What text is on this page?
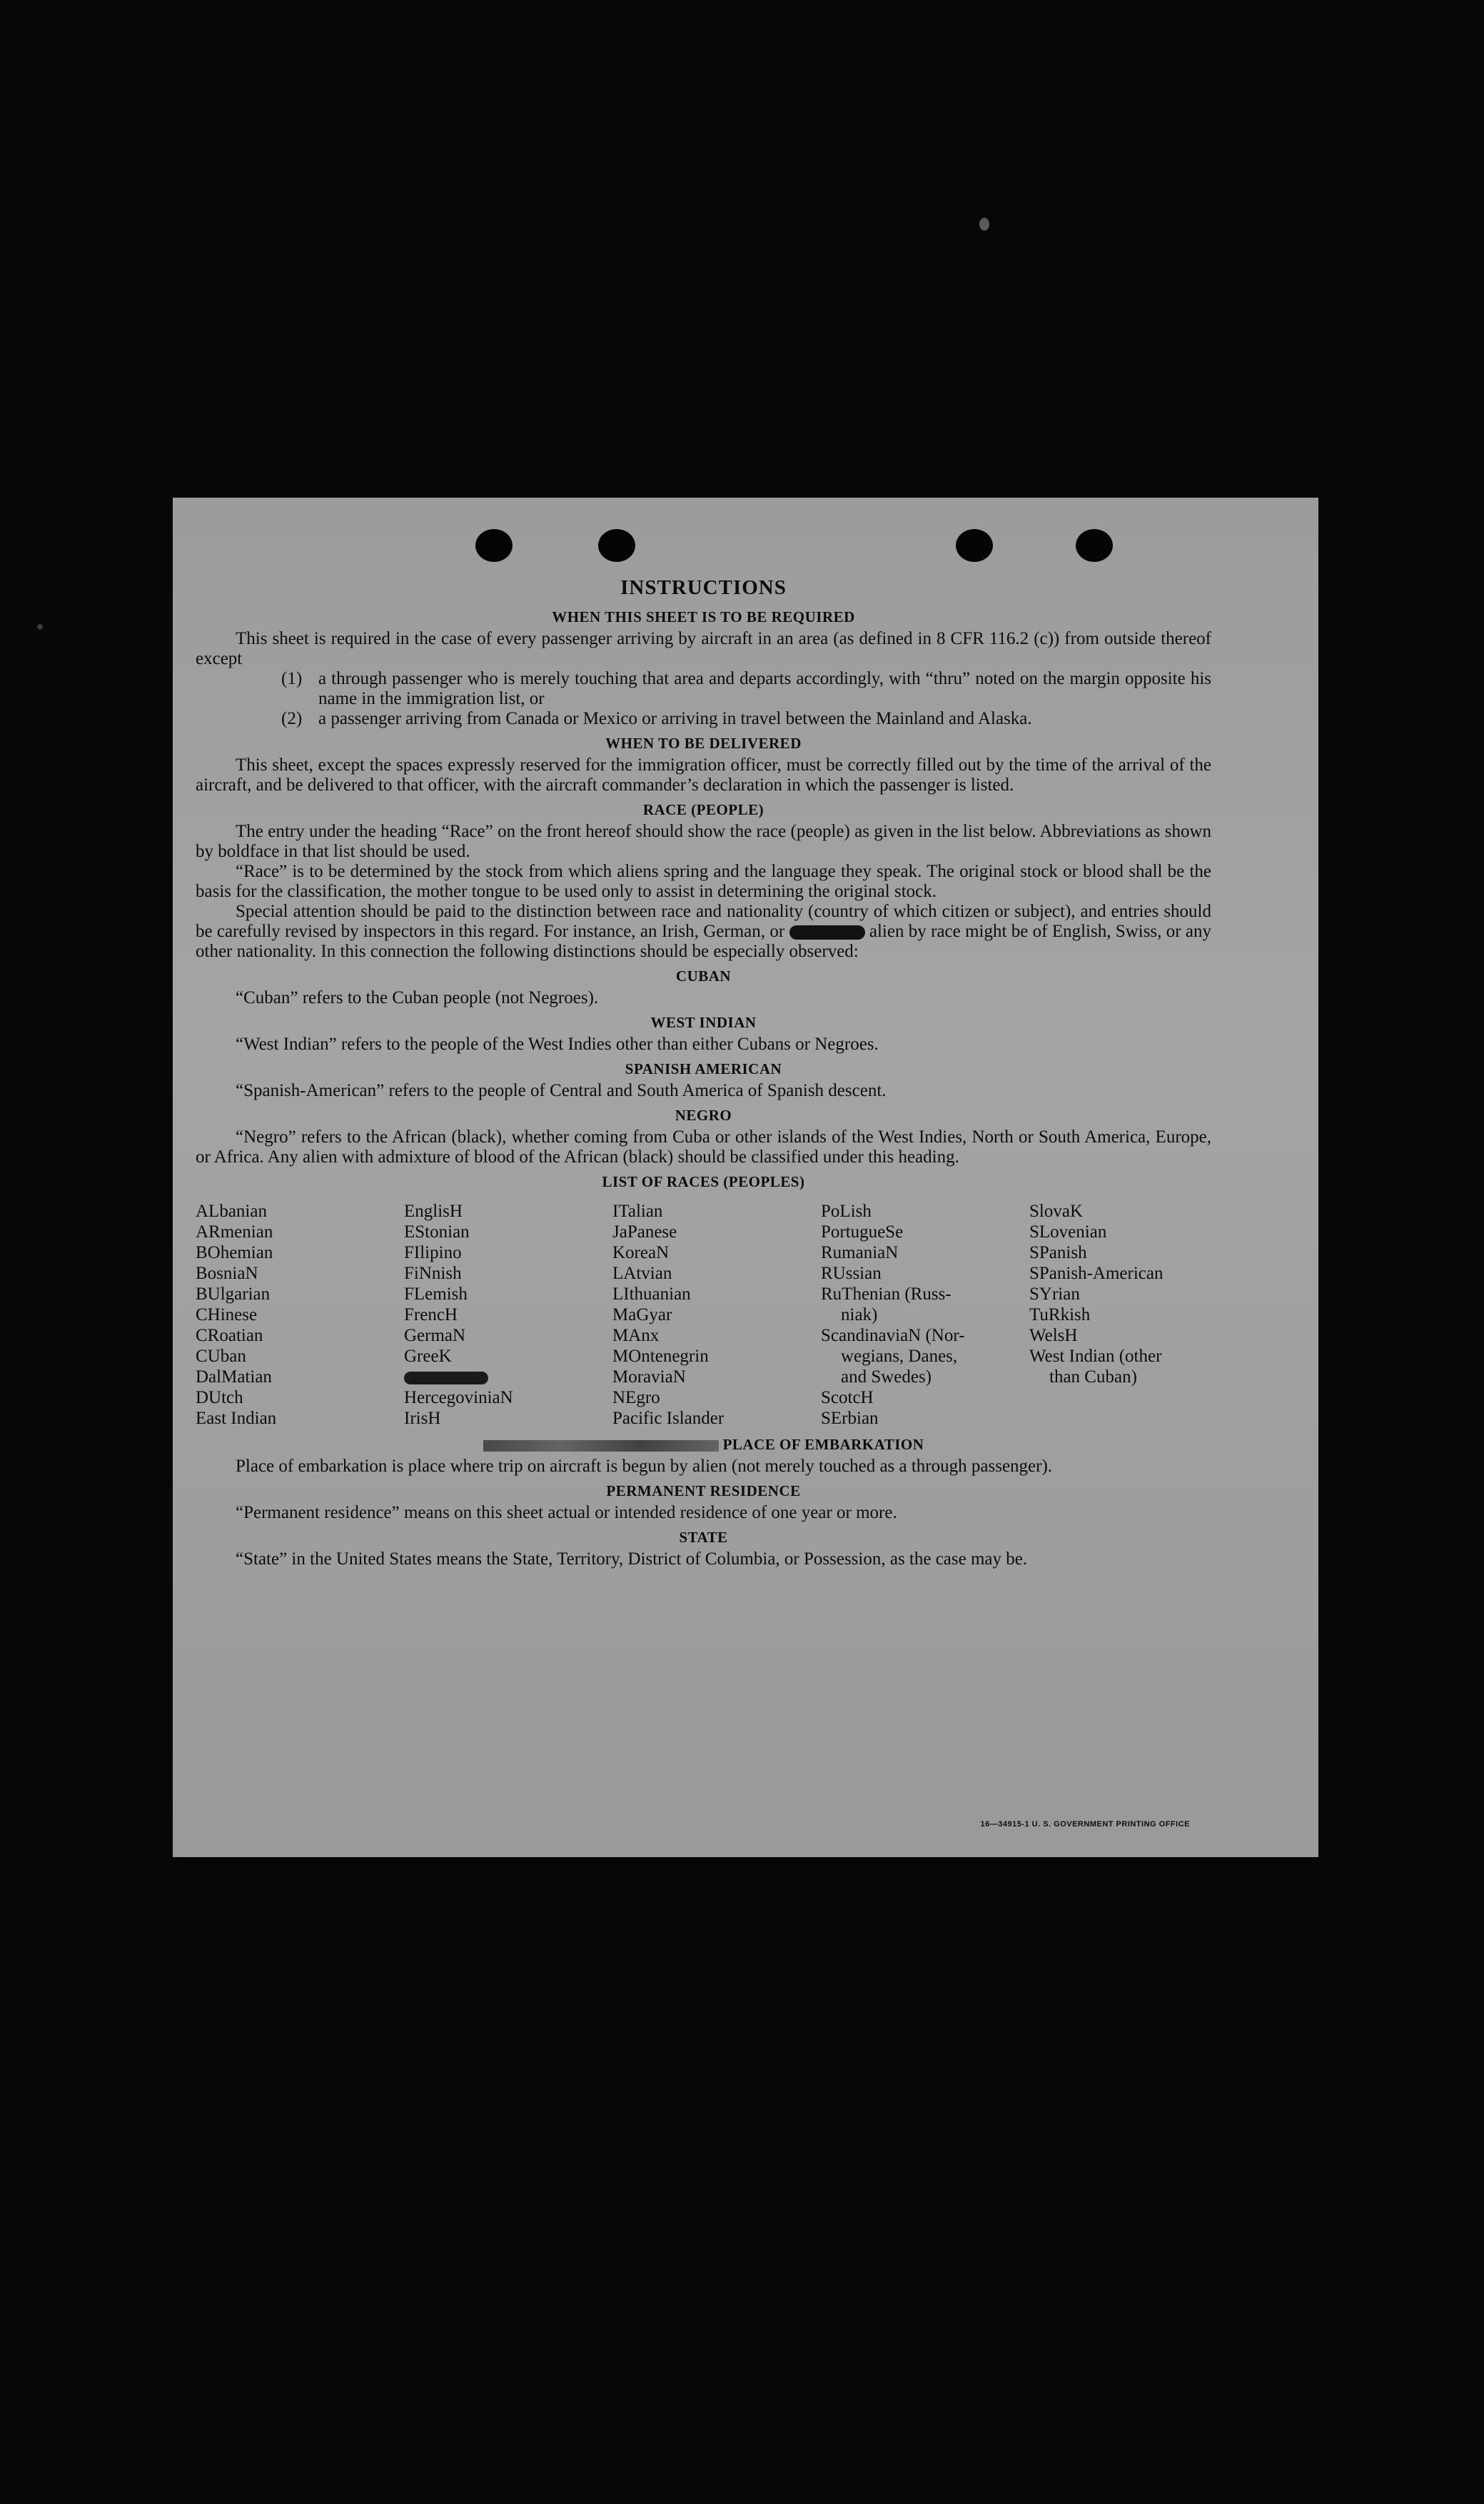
INSTRUCTIONS
WHEN THIS SHEET IS TO BE REQUIRED

This sheet is required in the case of every passenger arriving by aircraft in an area (as defined in 8 CFR 116.2 (c)) from outside thereof except

(1) a through passenger who is merely touching that area and departs accordingly, with “thru” noted on the margin opposite his name in the immigration list, or
(2) a passenger arriving from Canada or Mexico or arriving in travel between the Mainland and Alaska.
WHEN TO BE DELIVERED

This sheet, except the spaces expressly reserved for the immigration officer, must be correctly filled out by the time of the arrival of the aircraft, and be delivered to that officer, with the aircraft commander’s declaration in which the passenger is listed.

RACE (PEOPLE)

The entry under the heading “Race” on the front hereof should show the race (people) as given in the list below. Abbreviations as shown by boldface in that list should be used.

“Race” is to be determined by the stock from which aliens spring and the language they speak. The original stock or blood shall be the basis for the classification, the mother tongue to be used only to assist in determining the original stock.

Special attention should be paid to the distinction between race and nationality (country of which citizen or subject), and entries should be carefully revised by inspectors in this regard. For instance, an Irish, German, or	alien by race might be of English, Swiss, or any other nationality. In this connection the following distinctions should be especially observed:

CUBAN

“Cuban” refers to the Cuban people (not Negroes).

WEST INDIAN

“West Indian” refers to the people of the West Indies other than either Cubans or Negroes.

SPANISH AMERICAN

“Spanish-American” refers to the people of Central and South America of Spanish descent.

NEGRO

“Negro” refers to the African (black), whether coming from Cuba or other islands of the West Indies, North or South America, Europe, or Africa. Any alien with admixture of blood of the African (black) should be classified under this heading.

LIST OF RACES (PEOPLES)
ALbanian
ARmenian
BOhemian
BosniaN
BUlgarian
CHinese
CRoatian
CUban
DalMatian
DUtch
East Indian
EnglisH
EStonian
FIlipino
FiNnish
FLemish
FrencH
GermaN
GreeK
HercegoviniaN
IrisH
ITalian
JaPanese
KoreaN
LAtvian
LIthuanian
MaGyar
MAnx
MOntenegrin
MoraviaN
NEgro
Pacific Islander
PoLish
PortugueSe
RumaniaN
RUssian
RuThenian (Russ-
niak)
ScandinaviaN (Nor-
wegians, Danes,
and Swedes)
ScotcH
SErbian
SlovaK
SLovenian
SPanish
SPanish-American
SYrian
TuRkish
WelsH
West Indian (other
than Cuban)
PLACE OF EMBARKATION

Place of embarkation is place where trip on aircraft is begun by alien (not merely touched as a through passenger).

PERMANENT RESIDENCE

“Permanent residence” means on this sheet actual or intended residence of one year or more.

STATE

“State” in the United States means the State, Territory, District of Columbia, or Possession, as the case may be.

16—34915-1 U. S. GOVERNMENT PRINTING OFFICE
